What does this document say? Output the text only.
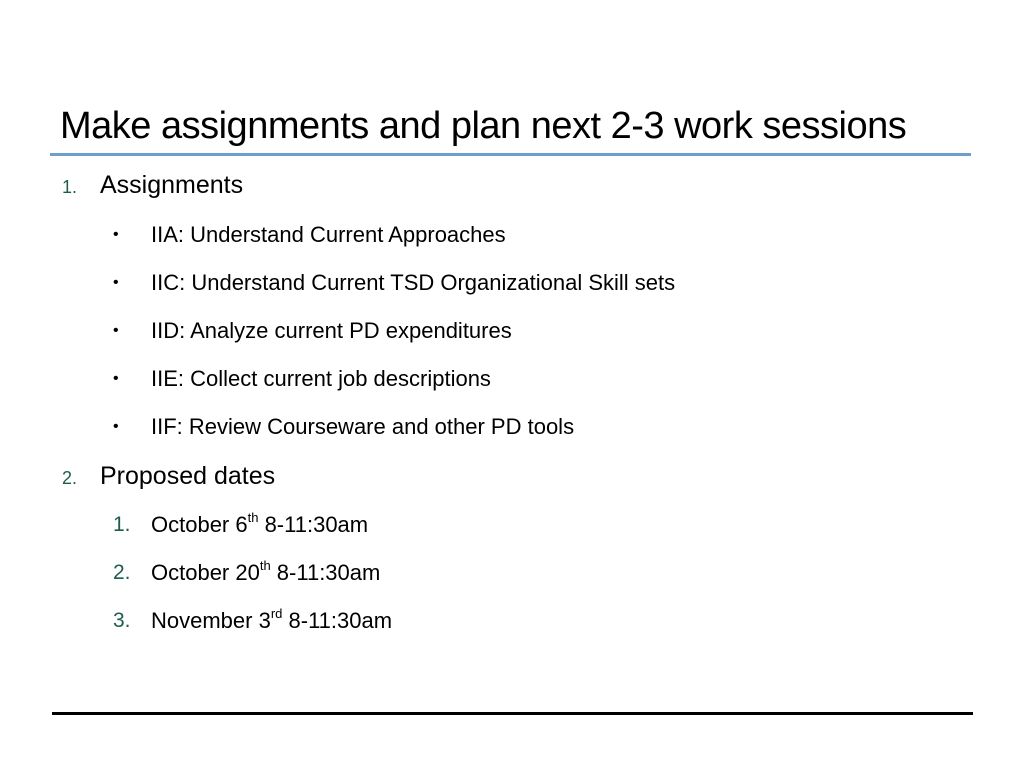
Make assignments and plan next 2-3 work sessions
1. Assignments
• IIA: Understand Current Approaches
• IIC: Understand Current TSD Organizational Skill sets
• IID: Analyze current PD expenditures
• IIE: Collect current job descriptions
• IIF: Review Courseware and other PD tools
2. Proposed dates
1. October 6th 8-11:30am
2. October 20th 8-11:30am
3. November 3rd 8-11:30am
